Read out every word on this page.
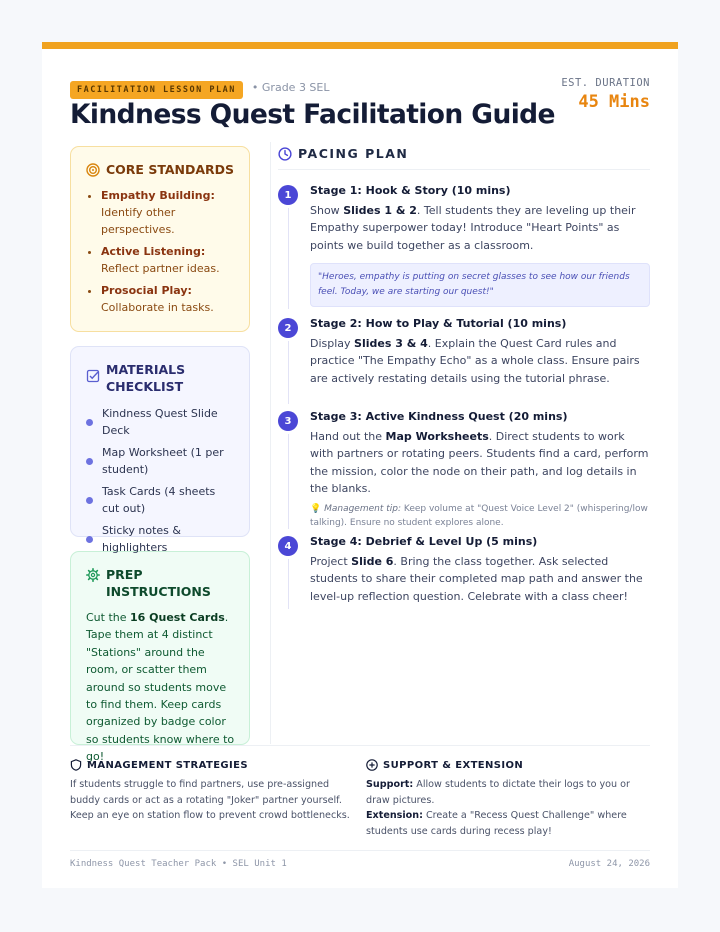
FACILITATION LESSON PLAN • Grade 3 SEL
Kindness Quest Facilitation Guide
EST. DURATION
45 Mins
CORE STANDARDS
• Empathy Building: Identify other perspectives.
• Active Listening: Reflect partner ideas.
• Prosocial Play: Collaborate in tasks.
MATERIALS CHECKLIST
Kindness Quest Slide Deck
Map Worksheet (1 per student)
Task Cards (4 sheets cut out)
Sticky notes & highlighters
PREP INSTRUCTIONS

Cut the 16 Quest Cards. Tape them at 4 distinct "Stations" around the room, or scatter them around so students move to find them. Keep cards organized by badge color so students know where to go!

PACING PLAN
1	Stage 1: Hook & Story (10 mins)
Show Slides 1 & 2. Tell students they are leveling up their Empathy superpower today! Introduce "Heart Points" as points we build together as a classroom.
"Heroes, empathy is putting on secret glasses to see how our friends feel. Today, we are starting our quest!"
2	Stage 2: How to Play & Tutorial (10 mins)
Display Slides 3 & 4. Explain the Quest Card rules and practice "The Empathy Echo" as a whole class. Ensure pairs are actively restating details using the tutorial phrase.
3	Stage 3: Active Kindness Quest (20 mins)
Hand out the Map Worksheets. Direct students to work with partners or rotating peers. Students find a card, perform the mission, color the node on their path, and log details in the blanks.
💡 Management tip: Keep volume at "Quest Voice Level 2" (whispering/low talking). Ensure no student explores alone.
4	Stage 4: Debrief & Level Up (5 mins)
Project Slide 6. Bring the class together. Ask selected students to share their completed map path and answer the level-up reflection question. Celebrate with a class cheer!
MANAGEMENT STRATEGIES

If students struggle to find partners, use pre-assigned buddy cards or act as a rotating "Joker" partner yourself. Keep an eye on station flow to prevent crowd bottlenecks.

SUPPORT & EXTENSION

Support: Allow students to dictate their logs to you or draw pictures.
Extension: Create a "Recess Quest Challenge" where students use cards during recess play!

Kindness Quest Teacher Pack • SEL Unit 1	August 24, 2026
